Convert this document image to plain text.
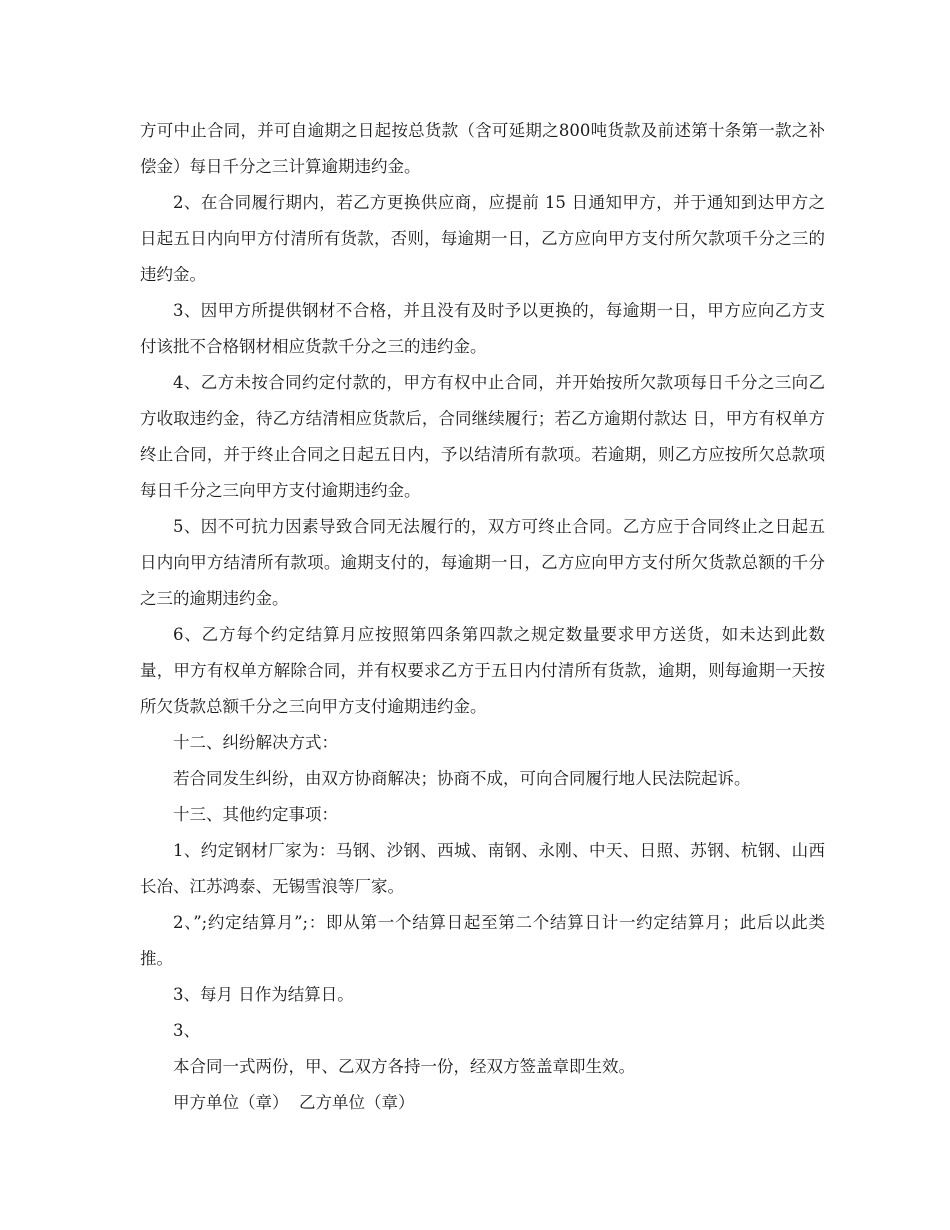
方可中止合同，并可自逾期之日起按总货款（含可延期之800吨货款及前述第十条第一款之补偿金）每日千分之三计算逾期违约金。

2、在合同履行期内，若乙方更换供应商，应提前 15 日通知甲方，并于通知到达甲方之日起五日内向甲方付清所有货款，否则，每逾期一日，乙方应向甲方支付所欠款项千分之三的违约金。

3、因甲方所提供钢材不合格，并且没有及时予以更换的，每逾期一日，甲方应向乙方支付该批不合格钢材相应货款千分之三的违约金。

4、乙方未按合同约定付款的，甲方有权中止合同，并开始按所欠款项每日千分之三向乙方收取违约金，待乙方结清相应货款后，合同继续履行；若乙方逾期付款达 日，甲方有权单方终止合同，并于终止合同之日起五日内，予以结清所有款项。若逾期，则乙方应按所欠总款项每日千分之三向甲方支付逾期违约金。

5、因不可抗力因素导致合同无法履行的，双方可终止合同。乙方应于合同终止之日起五日内向甲方结清所有款项。逾期支付的，每逾期一日，乙方应向甲方支付所欠货款总额的千分之三的逾期违约金。

6、乙方每个约定结算月应按照第四条第四款之规定数量要求甲方送货，如未达到此数量，甲方有权单方解除合同，并有权要求乙方于五日内付清所有货款，逾期，则每逾期一天按所欠货款总额千分之三向甲方支付逾期违约金。

十二、纠纷解决方式：

若合同发生纠纷，由双方协商解决；协商不成，可向合同履行地人民法院起诉。

十三、其他约定事项：

1、约定钢材厂家为：马钢、沙钢、西城、南钢、永刚、中天、日照、苏钢、杭钢、山西长冶、江苏鸿泰、无锡雪浪等厂家。

2、”;约定结算月”;：即从第一个结算日起至第二个结算日计一约定结算月；此后以此类推。

3、每月 日作为结算日。

3、

本合同一式两份，甲、乙双方各持一份，经双方签盖章即生效。

甲方单位（章）  乙方单位（章）
